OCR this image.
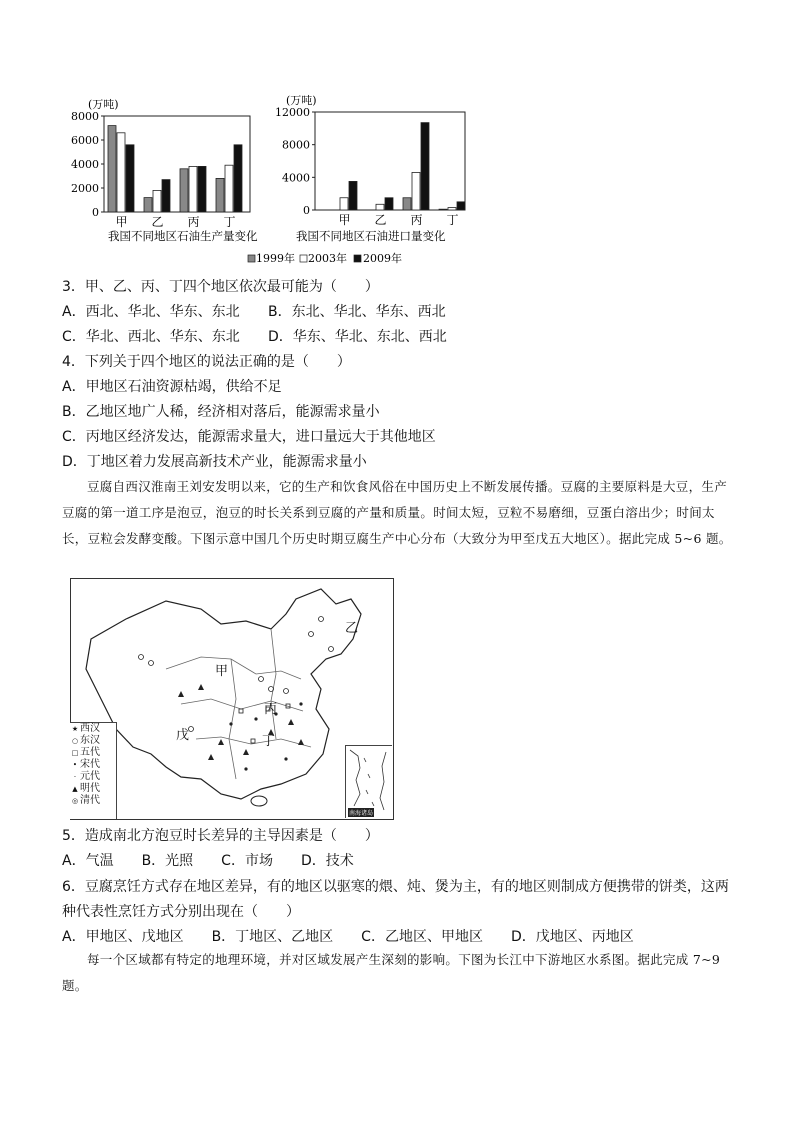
(万吨)
0
2000
4000
6000
8000
甲 乙 丙 丁
我国不同地区石油生产量变化
(万吨)
0
4000
8000
12000
甲 乙 丙 丁
我国不同地区石油进口量变化
1999年 2003年 2009年
3．甲、乙、丙、丁四个地区依次最可能为（　　）
A．西北、华北、华东、东北 B．东北、华北、华东、西北
C．华北、西北、华东、东北 D．华东、华北、东北、西北
4．下列关于四个地区的说法正确的是（　　）
A．甲地区石油资源枯竭，供给不足
B．乙地区地广人稀，经济相对落后，能源需求量小
C．丙地区经济发达，能源需求量大，进口量远大于其他地区
D．丁地区着力发展高新技术产业，能源需求量小
豆腐自西汉淮南王刘安发明以来，它的生产和饮食风俗在中国历史上不断发展传播。豆腐的主要原料是大豆，生产豆腐的第一道工序是泡豆，泡豆的时长关系到豆腐的产量和质量。时间太短，豆粒不易磨细，豆蛋白溶出少；时间太长，豆粒会发酵变酸。下图示意中国几个历史时期豆腐生产中心分布（大致分为甲至戊五大地区）。据此完成 5~6 题。
甲
乙
丙
丁
戊
★ 西汉
○ 东汉
□ 五代
• 宋代
· 元代
▲ 明代
◎ 清代
南海诸岛
5．造成南北方泡豆时长差异的主导因素是（　　）
A．气温　　B．光照　　C．市场　　D．技术
6．豆腐烹饪方式存在地区差异，有的地区以驱寒的煨、炖、煲为主，有的地区则制成方便携带的饼类，这两
种代表性烹饪方式分别出现在（　　）
A．甲地区、戊地区　　B．丁地区、乙地区　　C．乙地区、甲地区　　D．戊地区、丙地区
每一个区域都有特定的地理环境，并对区域发展产生深刻的影响。下图为长江中下游地区水系图。据此完成 7~9 题。
